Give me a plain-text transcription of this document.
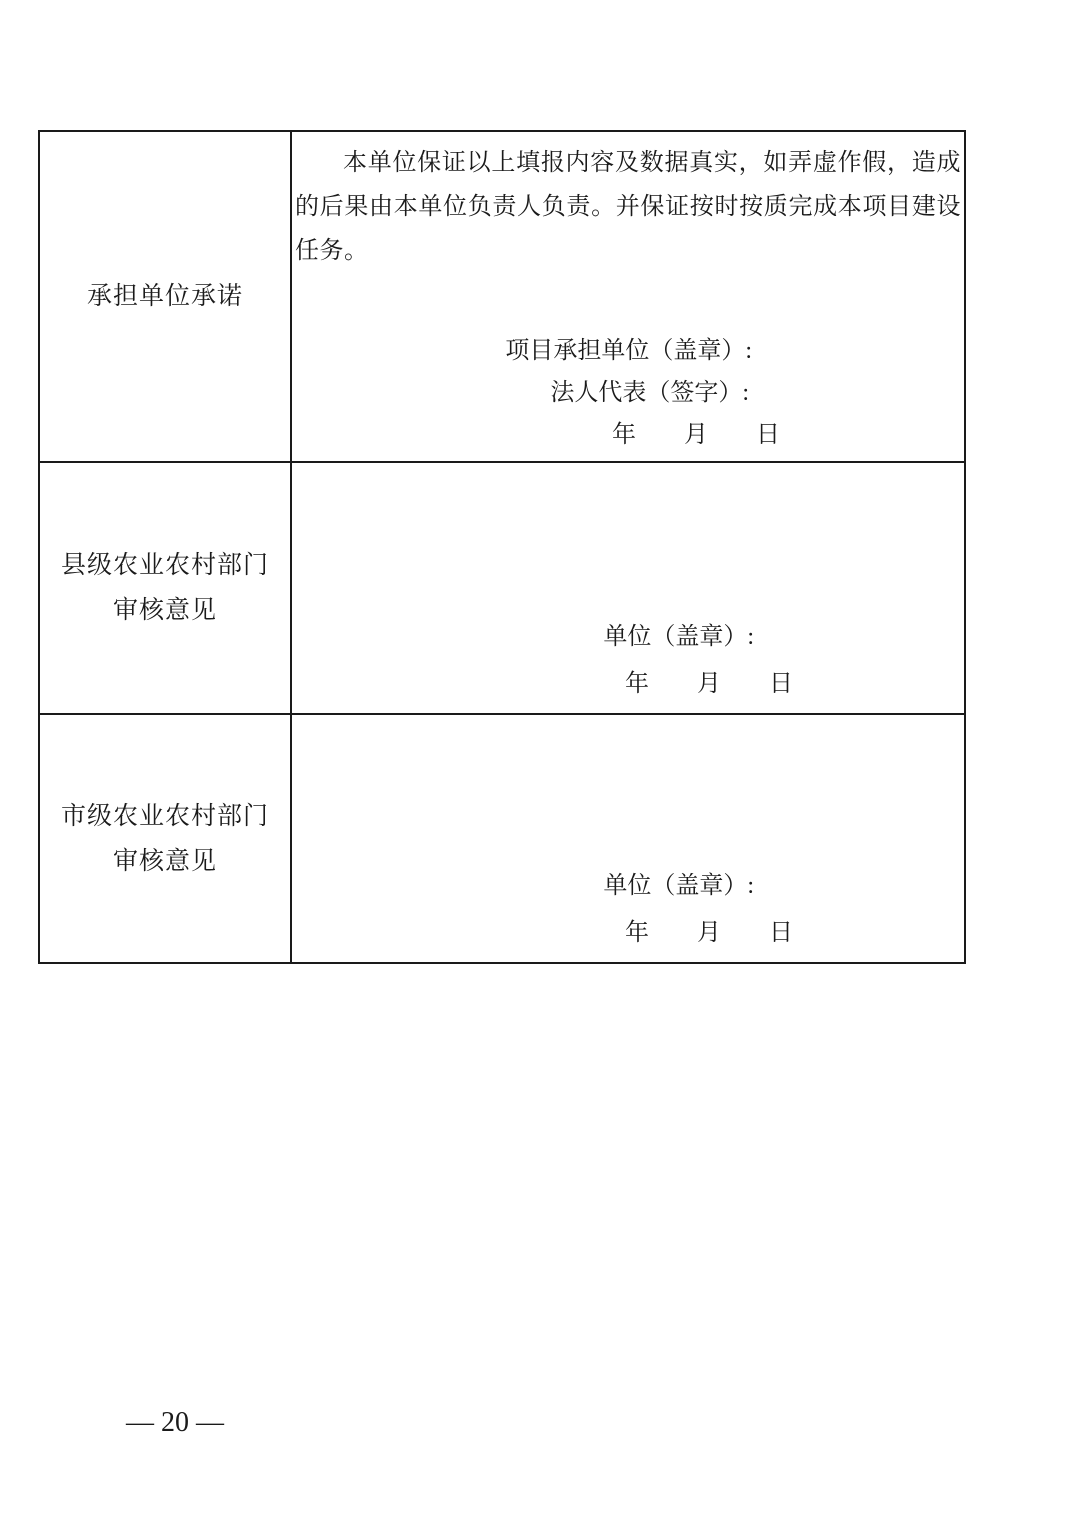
承担单位承诺	本单位保证以上填报内容及数据真实，如弄虚作假，造成的后果由本单位负责人负责。并保证按时按质完成本项目建设任务。
项目承担单位（盖章）:
法人代表（签字）:
年　　月　　日

县级农业农村部门审核意见	单位（盖章）:
年　　月　　日

市级农业农村部门审核意见	单位（盖章）:
年　　月　　日
— 20 —
